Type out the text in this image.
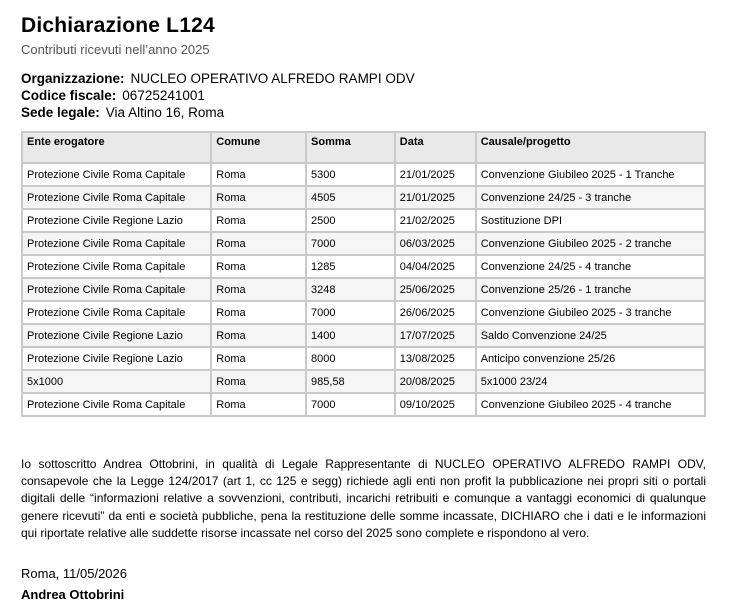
Dichiarazione L124
Contributi ricevuti nell’anno 2025
Organizzazione: NUCLEO OPERATIVO ALFREDO RAMPI ODV
Codice fiscale: 06725241001
Sede legale: Via Altino 16, Roma
Ente erogatore	Comune	Somma	Data	Causale/progetto
Protezione Civile Roma Capitale	Roma	5300	21/01/2025	Convenzione Giubileo 2025 - 1 Tranche
Protezione Civile Roma Capitale	Roma	4505	21/01/2025	Convenzione 24/25 - 3 tranche
Protezione Civile Regione Lazio	Roma	2500	21/02/2025	Sostituzione DPI
Protezione Civile Roma Capitale	Roma	7000	06/03/2025	Convenzione Giubileo 2025 - 2 tranche
Protezione Civile Roma Capitale	Roma	1285	04/04/2025	Convenzione 24/25 - 4 tranche
Protezione Civile Roma Capitale	Roma	3248	25/06/2025	Convenzione 25/26 - 1 tranche
Protezione Civile Roma Capitale	Roma	7000	26/06/2025	Convenzione Giubileo 2025 - 3 tranche
Protezione Civile Regione Lazio	Roma	1400	17/07/2025	Saldo Convenzione 24/25
Protezione Civile Regione Lazio	Roma	8000	13/08/2025	Anticipo convenzione 25/26
5x1000	Roma	985,58	20/08/2025	5x1000 23/24
Protezione Civile Roma Capitale	Roma	7000	09/10/2025	Convenzione Giubileo 2025 - 4 tranche

Io sottoscritto Andrea Ottobrini, in qualità di Legale Rappresentante di NUCLEO OPERATIVO ALFREDO RAMPI ODV, consapevole che la Legge 124/2017 (art 1, cc 125 e segg) richiede agli enti non profit la pubblicazione nei propri siti o portali digitali delle “informazioni relative a sovvenzioni, contributi, incarichi retribuiti e comunque a vantaggi economici di qualunque genere ricevuti” da enti e società pubbliche, pena la restituzione delle somme incassate, DICHIARO che i dati e le informazioni qui riportate relative alle suddette risorse incassate nel corso del 2025 sono complete e rispondono al vero.

Roma, 11/05/2026
Andrea Ottobrini
